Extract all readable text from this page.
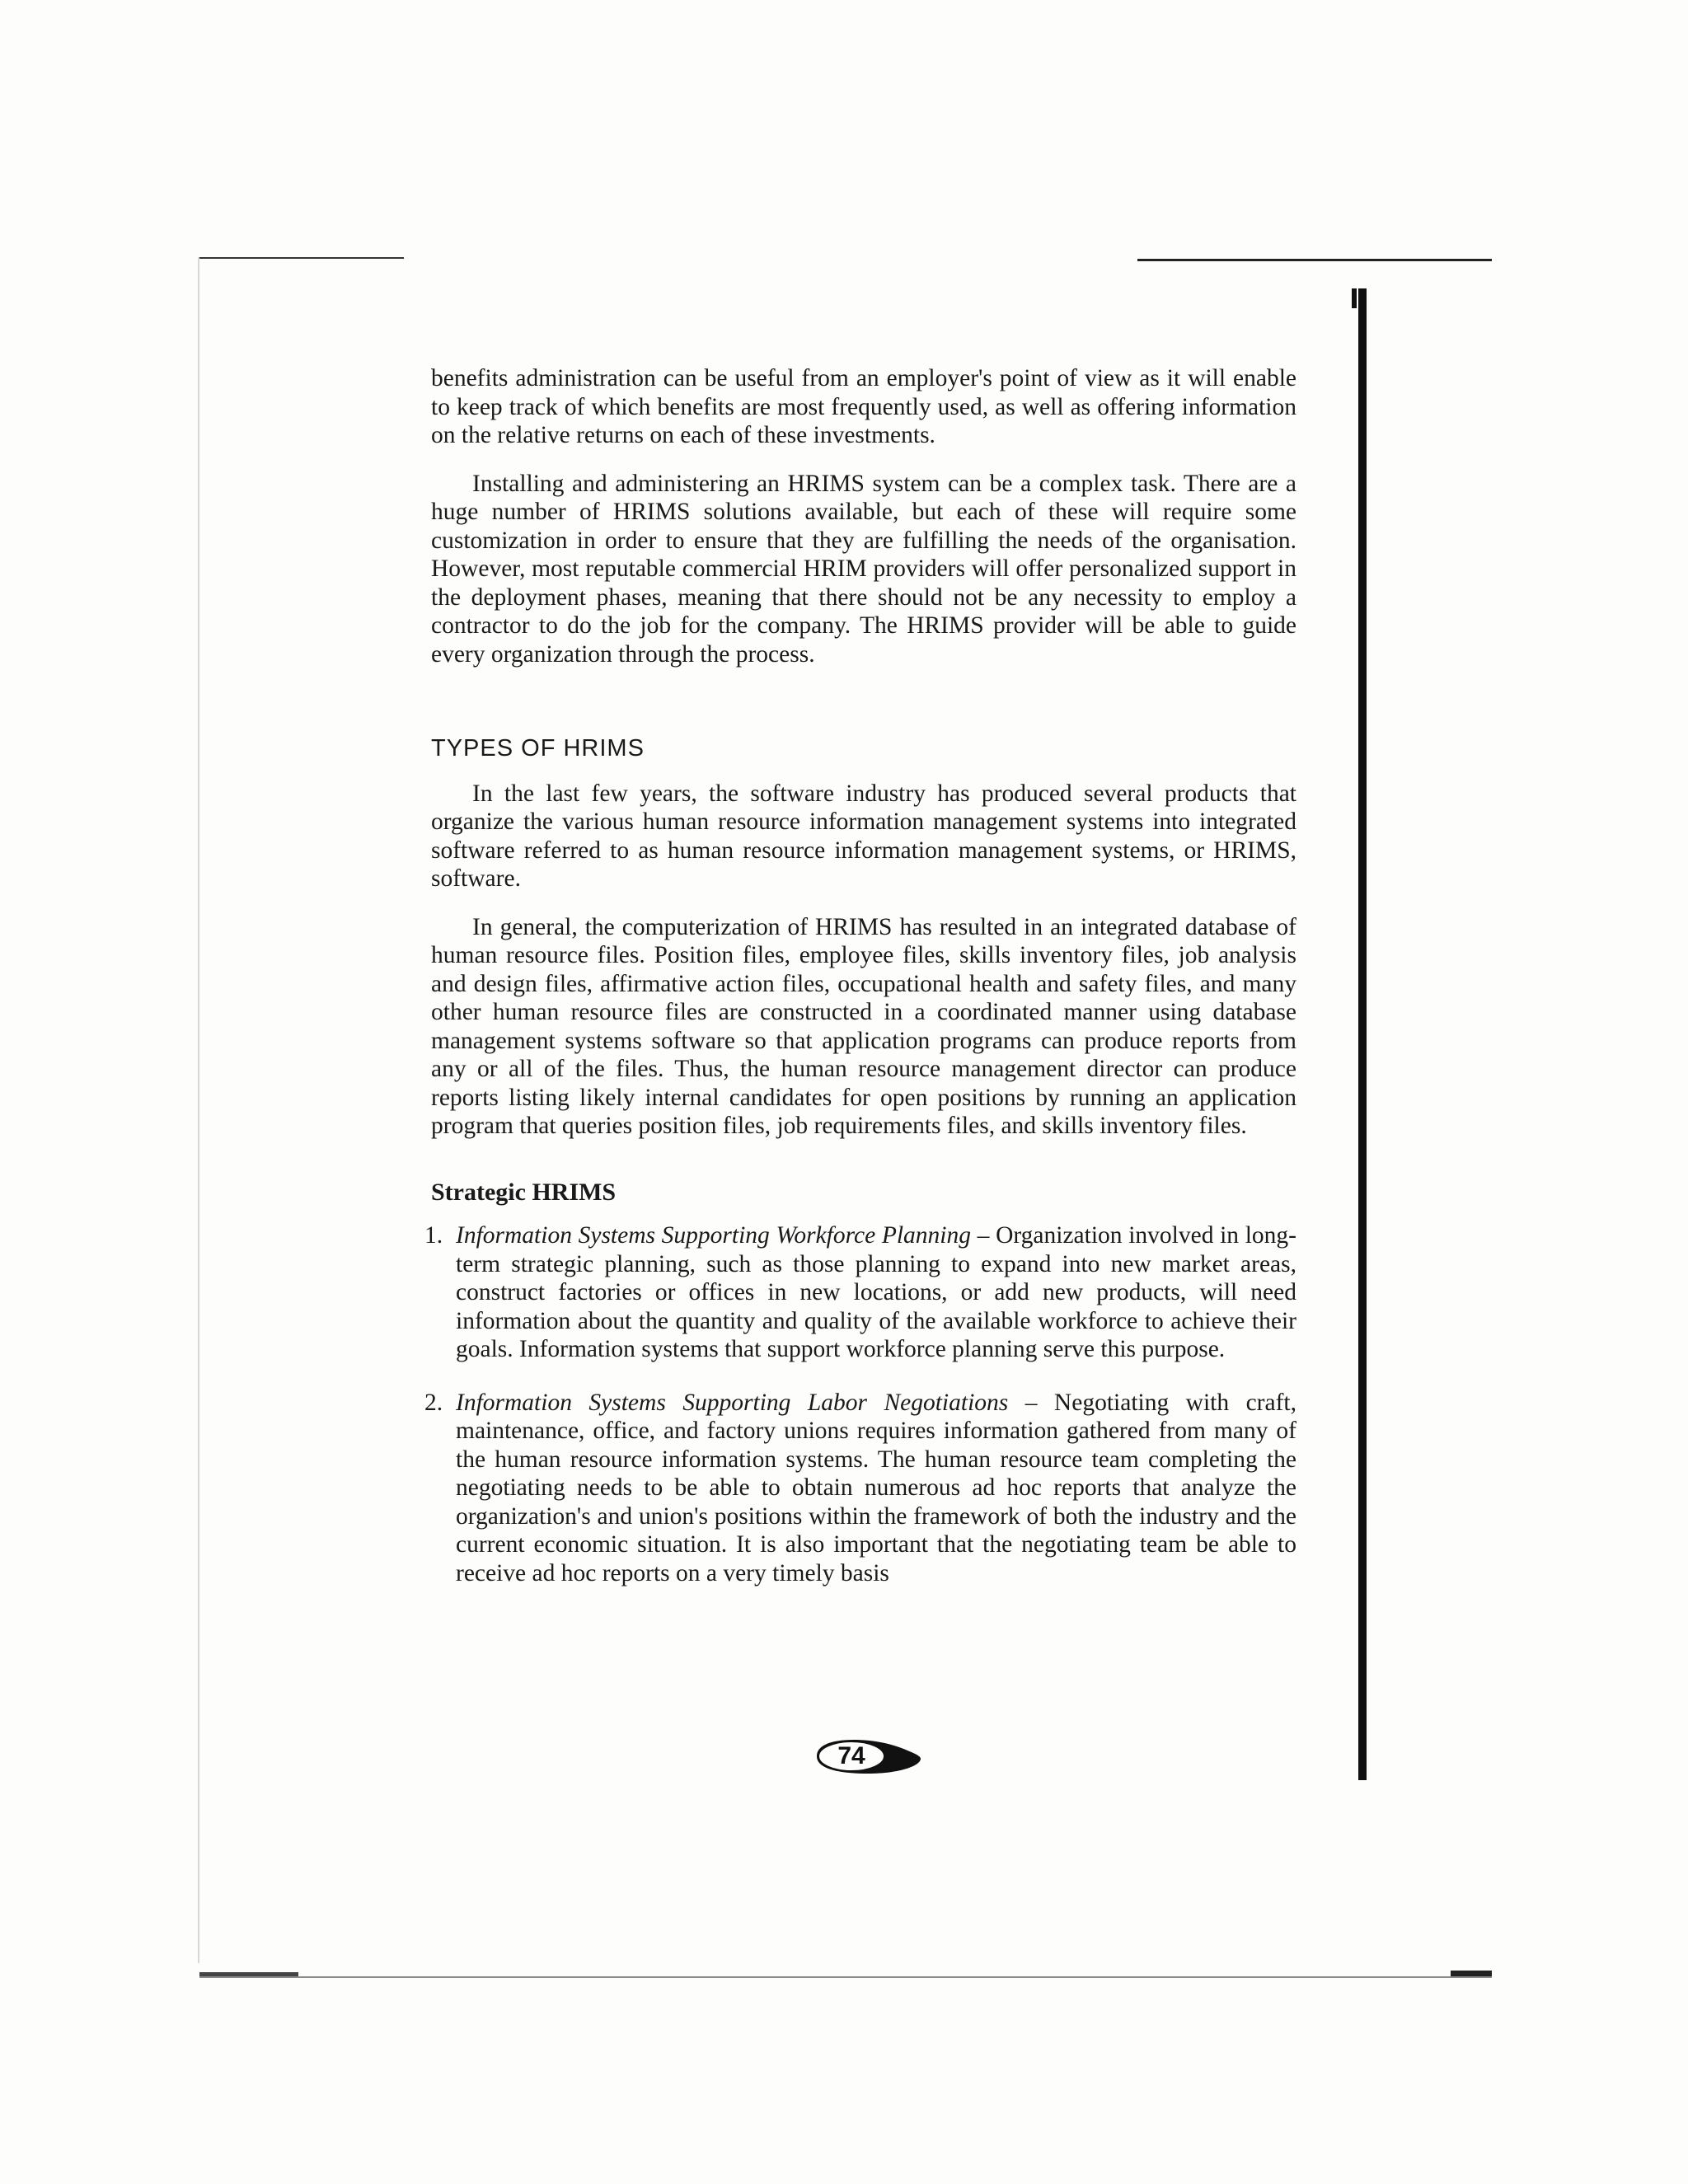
benefits administration can be useful from an employer's point of view as it will enable to keep track of which benefits are most frequently used, as well as offering information on the relative returns on each of these investments.

Installing and administering an HRIMS system can be a complex task. There are a huge number of HRIMS solutions available, but each of these will require some customization in order to ensure that they are fulfilling the needs of the organisation. However, most reputable commercial HRIM providers will offer personalized support in the deployment phases, meaning that there should not be any necessity to employ a contractor to do the job for the company. The HRIMS provider will be able to guide every organization through the process.

TYPES OF HRIMS

In the last few years, the software industry has produced several products that organize the various human resource information management systems into integrated software referred to as human resource information management systems, or HRIMS, software.

In general, the computerization of HRIMS has resulted in an integrated database of human resource files. Position files, employee files, skills inventory files, job analysis and design files, affirmative action files, occupational health and safety files, and many other human resource files are constructed in a coordinated manner using database management systems software so that application programs can produce reports from any or all of the files. Thus, the human resource management director can produce reports listing likely internal candidates for open positions by running an application program that queries position files, job requirements files, and skills inventory files.

Strategic HRIMS
1. Information Systems Supporting Workforce Planning – Organization involved in long-term strategic planning, such as those planning to expand into new market areas, construct factories or offices in new locations, or add new products, will need information about the quantity and quality of the available workforce to achieve their goals. Information systems that support workforce planning serve this purpose.
2. Information Systems Supporting Labor Negotiations – Negotiating with craft, maintenance, office, and factory unions requires information gathered from many of the human resource information systems. The human resource team completing the negotiating needs to be able to obtain numerous ad hoc reports that analyze the organization's and union's positions within the framework of both the industry and the current economic situation. It is also important that the negotiating team be able to receive ad hoc reports on a very timely basis
74
